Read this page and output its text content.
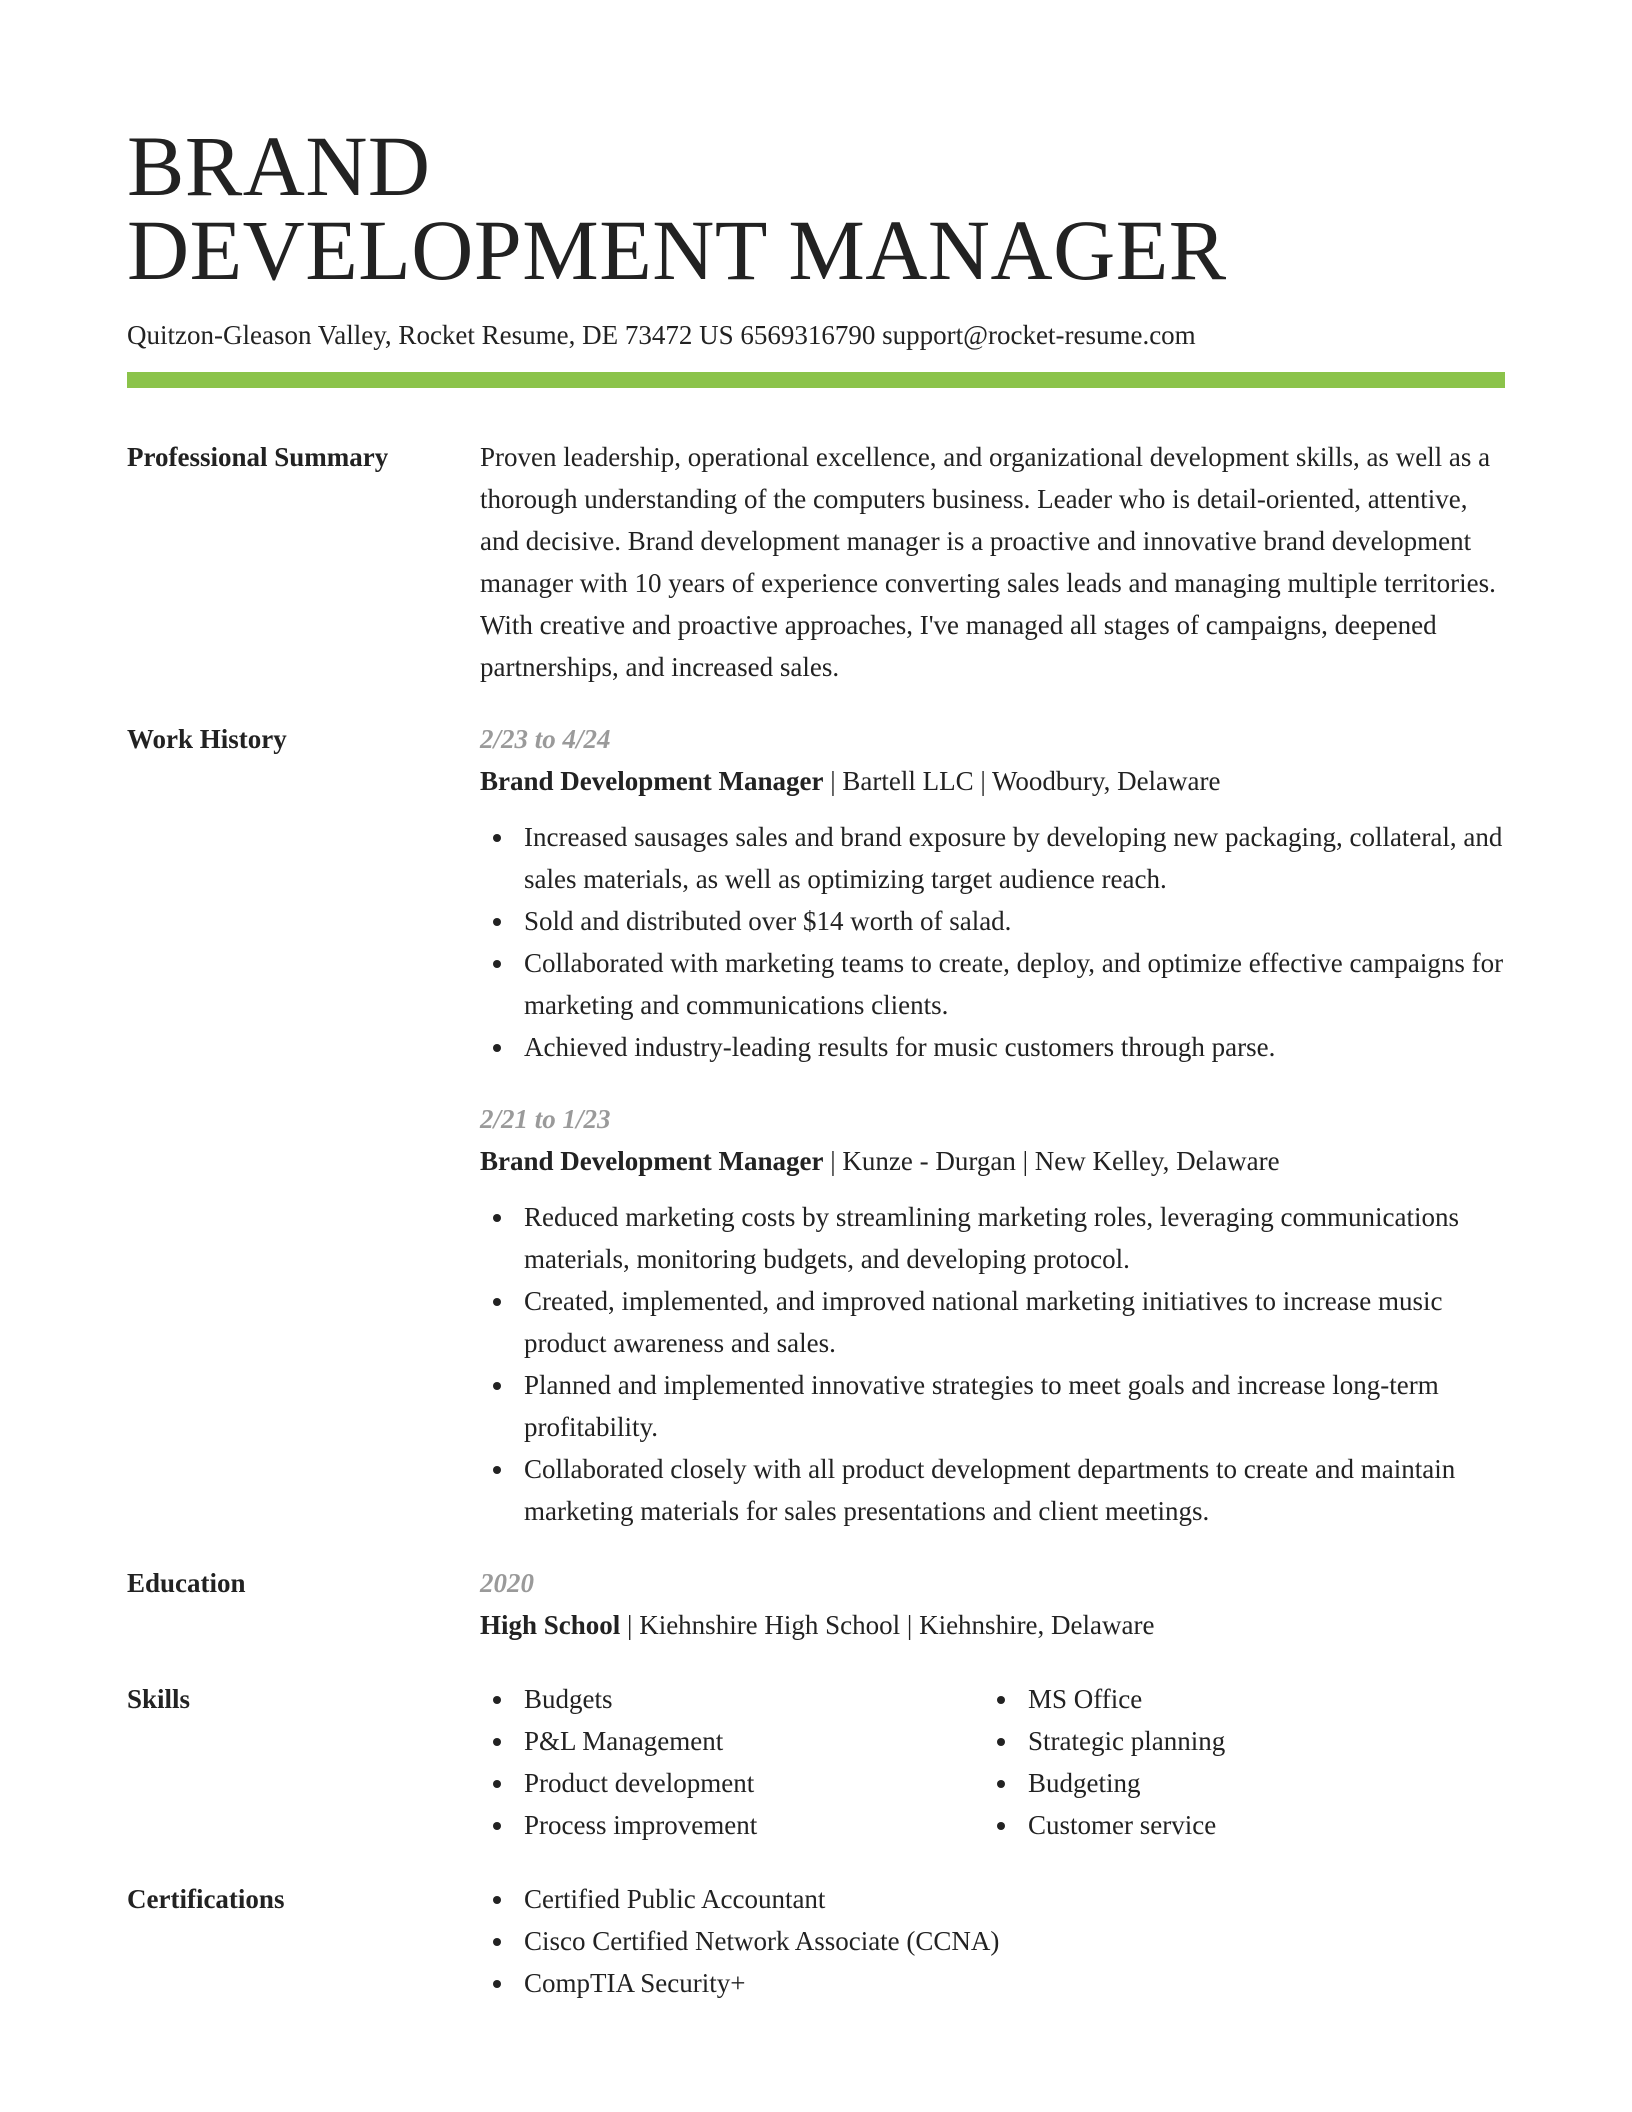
BRAND
DEVELOPMENT MANAGER
Quitzon-Gleason Valley, Rocket Resume, DE 73472 US 6569316790 support@rocket-resume.com
Professional Summary	Proven leadership, operational excellence, and organizational development skills, as well as a thorough understanding of the computers business. Leader who is detail-oriented, attentive, and decisive. Brand development manager is a proactive and innovative brand development manager with 10 years of experience converting sales leads and managing multiple territories. With creative and proactive approaches, I've managed all stages of campaigns, deepened partnerships, and increased sales.
Work History	2/23 to 4/24
Brand Development Manager | Bartell LLC | Woodbury, Delaware
Increased sausages sales and brand exposure by developing new packaging, collateral, and sales materials, as well as optimizing target audience reach.
Sold and distributed over $14 worth of salad.
Collaborated with marketing teams to create, deploy, and optimize effective campaigns for marketing and communications clients.
Achieved industry-leading results for music customers through parse.
2/21 to 1/23
Brand Development Manager | Kunze - Durgan | New Kelley, Delaware
Reduced marketing costs by streamlining marketing roles, leveraging communications materials, monitoring budgets, and developing protocol.
Created, implemented, and improved national marketing initiatives to increase music product awareness and sales.
Planned and implemented innovative strategies to meet goals and increase long-term profitability.
Collaborated closely with all product development departments to create and maintain marketing materials for sales presentations and client meetings.
Education	2020
High School | Kiehnshire High School | Kiehnshire, Delaware
Skills	Budgets
P&L Management
Product development
Process improvement
MS Office
Strategic planning
Budgeting
Customer service
Certifications	Certified Public Accountant
Cisco Certified Network Associate (CCNA)
CompTIA Security+
